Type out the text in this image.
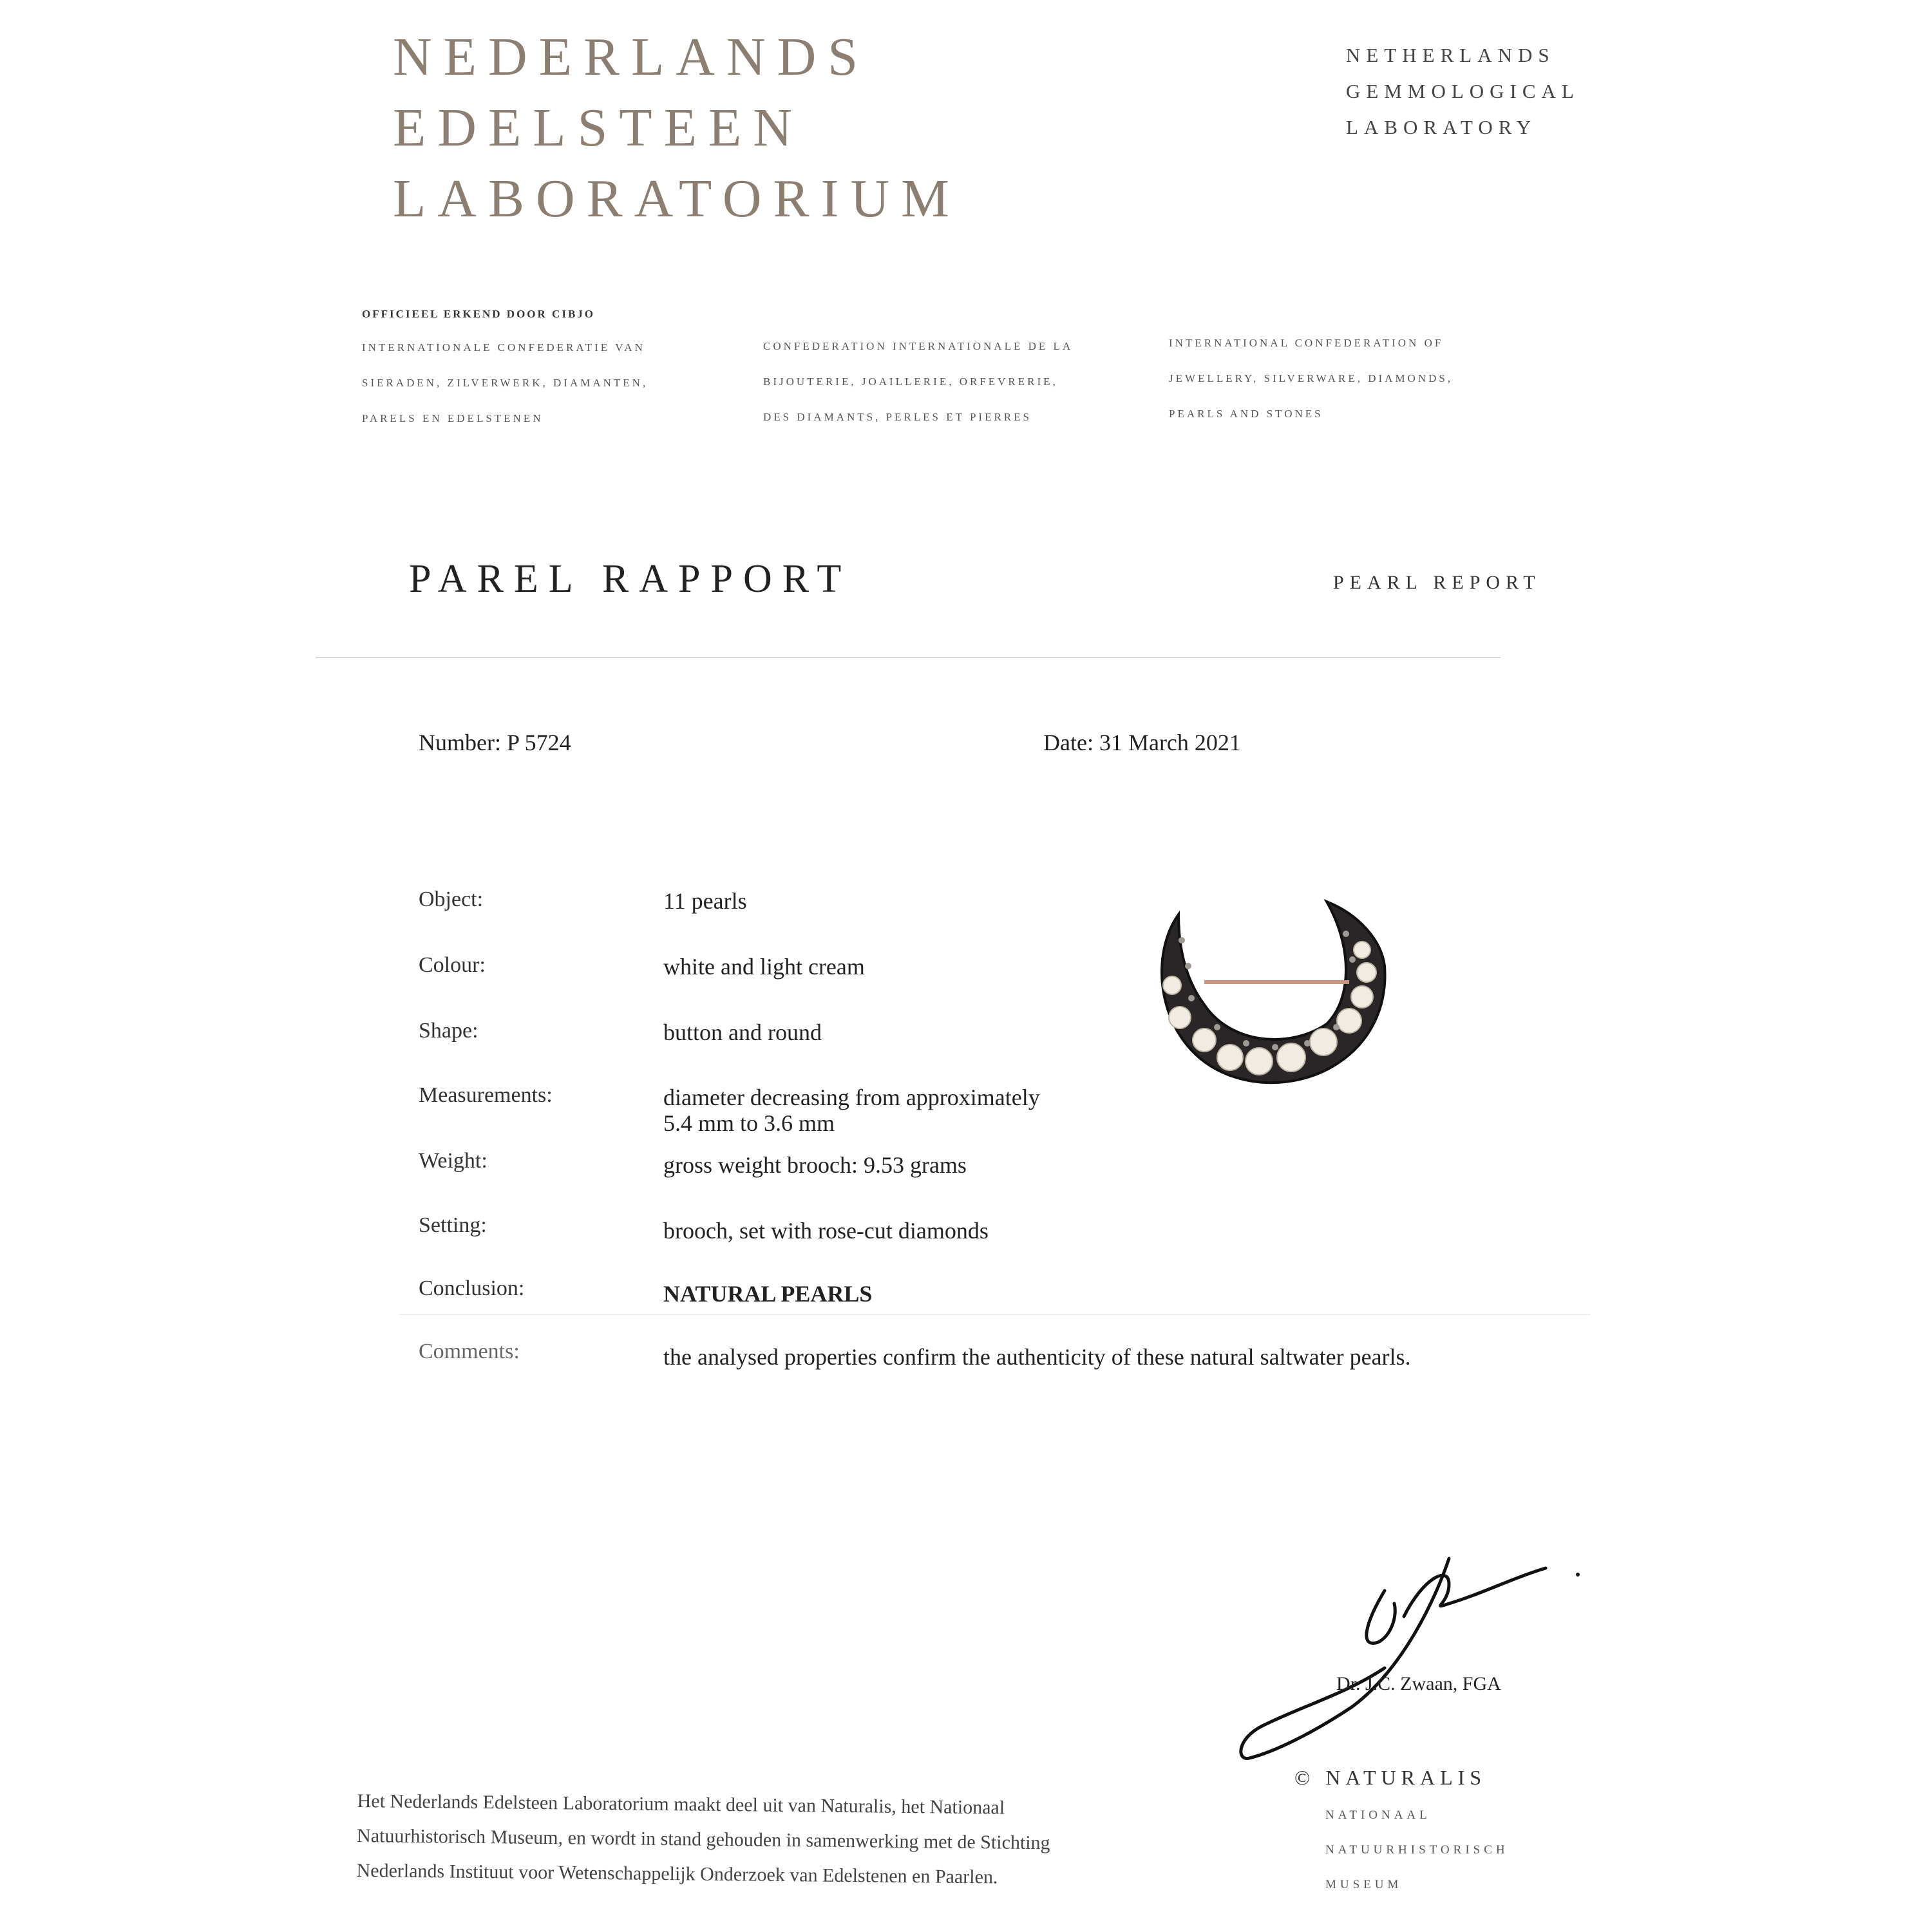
NEDERLANDS
EDELSTEEN
LABORATORIUM
NETHERLANDS
GEMMOLOGICAL
LABORATORY
OFFICIEEL ERKEND DOOR CIBJO
INTERNATIONALE CONFEDERATIE VAN
SIERADEN, ZILVERWERK, DIAMANTEN,
PARELS EN EDELSTENEN
CONFEDERATION INTERNATIONALE DE LA
BIJOUTERIE, JOAILLERIE, ORFEVRERIE,
DES DIAMANTS, PERLES ET PIERRES
INTERNATIONAL CONFEDERATION OF
JEWELLERY, SILVERWARE, DIAMONDS,
PEARLS AND STONES
PAREL RAPPORT	PEARL REPORT
Number: P 5724	Date: 31 March 2021
Object:	11 pearls
Colour:	white and light cream
Shape:	button and round
Measurements:	diameter decreasing from approximately
5.4 mm to 3.6 mm
Weight:	gross weight brooch: 9.53 grams
Setting:	brooch, set with rose-cut diamonds
Conclusion:	NATURAL PEARLS
Comments:	the analysed properties confirm the authenticity of these natural saltwater pearls.
Dr. J.C. Zwaan, FGA
© NATURALIS
NATIONAAL
NATUURHISTORISCH
MUSEUM
Het Nederlands Edelsteen Laboratorium maakt deel uit van Naturalis, het Nationaal
Natuurhistorisch Museum, en wordt in stand gehouden in samenwerking met de Stichting
Nederlands Instituut voor Wetenschappelijk Onderzoek van Edelstenen en Paarlen.
